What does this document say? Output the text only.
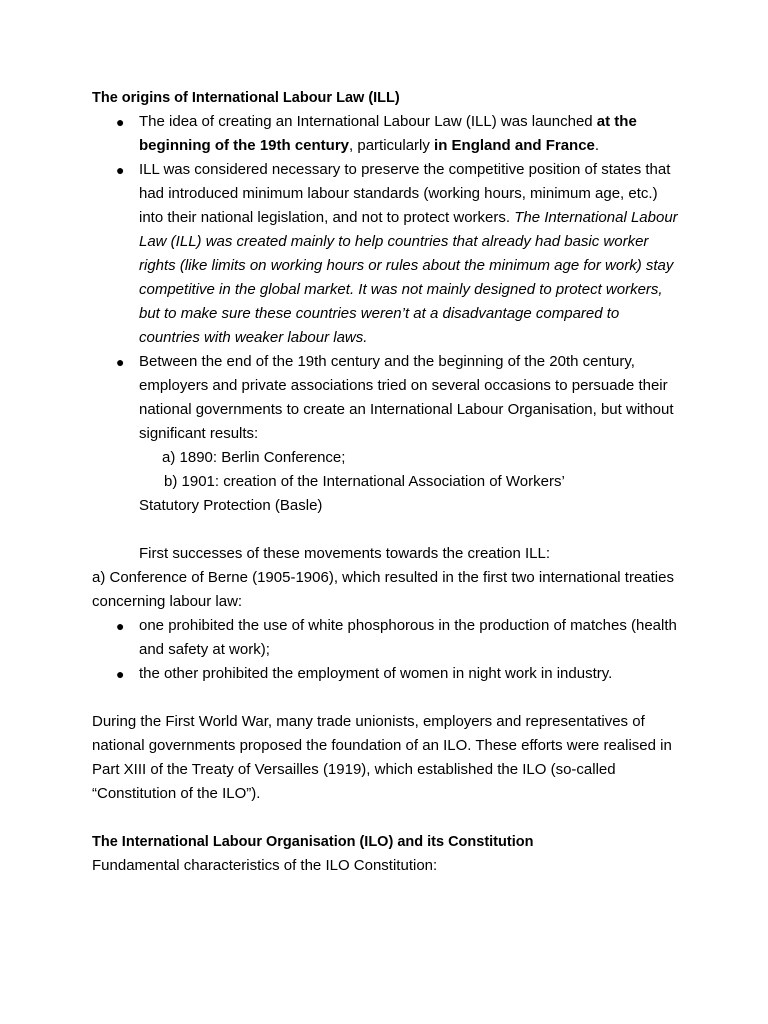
The origins of International Labour Law (ILL)
● The idea of creating an International Labour Law (ILL) was launched at the beginning of the 19th century, particularly in England and France.
● ILL was considered necessary to preserve the competitive position of states that had introduced minimum labour standards (working hours, minimum age, etc.) into their national legislation, and not to protect workers. The International Labour Law (ILL) was created mainly to help countries that already had basic worker rights (like limits on working hours or rules about the minimum age for work) stay competitive in the global market. It was not mainly designed to protect workers, but to make sure these countries weren’t at a disadvantage compared to countries with weaker labour laws.
● Between the end of the 19th century and the beginning of the 20th century, employers and private associations tried on several occasions to persuade their national governments to create an International Labour Organisation, but without significant results:
a) 1890: Berlin Conference;
b) 1901: creation of the International Association of Workers’
Statutory Protection (Basle)
First successes of these movements towards the creation ILL:
a) Conference of Berne (1905-1906), which resulted in the first two international treaties concerning labour law:
● one prohibited the use of white phosphorous in the production of matches (health and safety at work);
● the other prohibited the employment of women in night work in industry.
During the First World War, many trade unionists, employers and representatives of national governments proposed the foundation of an ILO. These efforts were realised in Part XIII of the Treaty of Versailles (1919), which established the ILO (so-called “Constitution of the ILO”).
The International Labour Organisation (ILO) and its Constitution
Fundamental characteristics of the ILO Constitution:
